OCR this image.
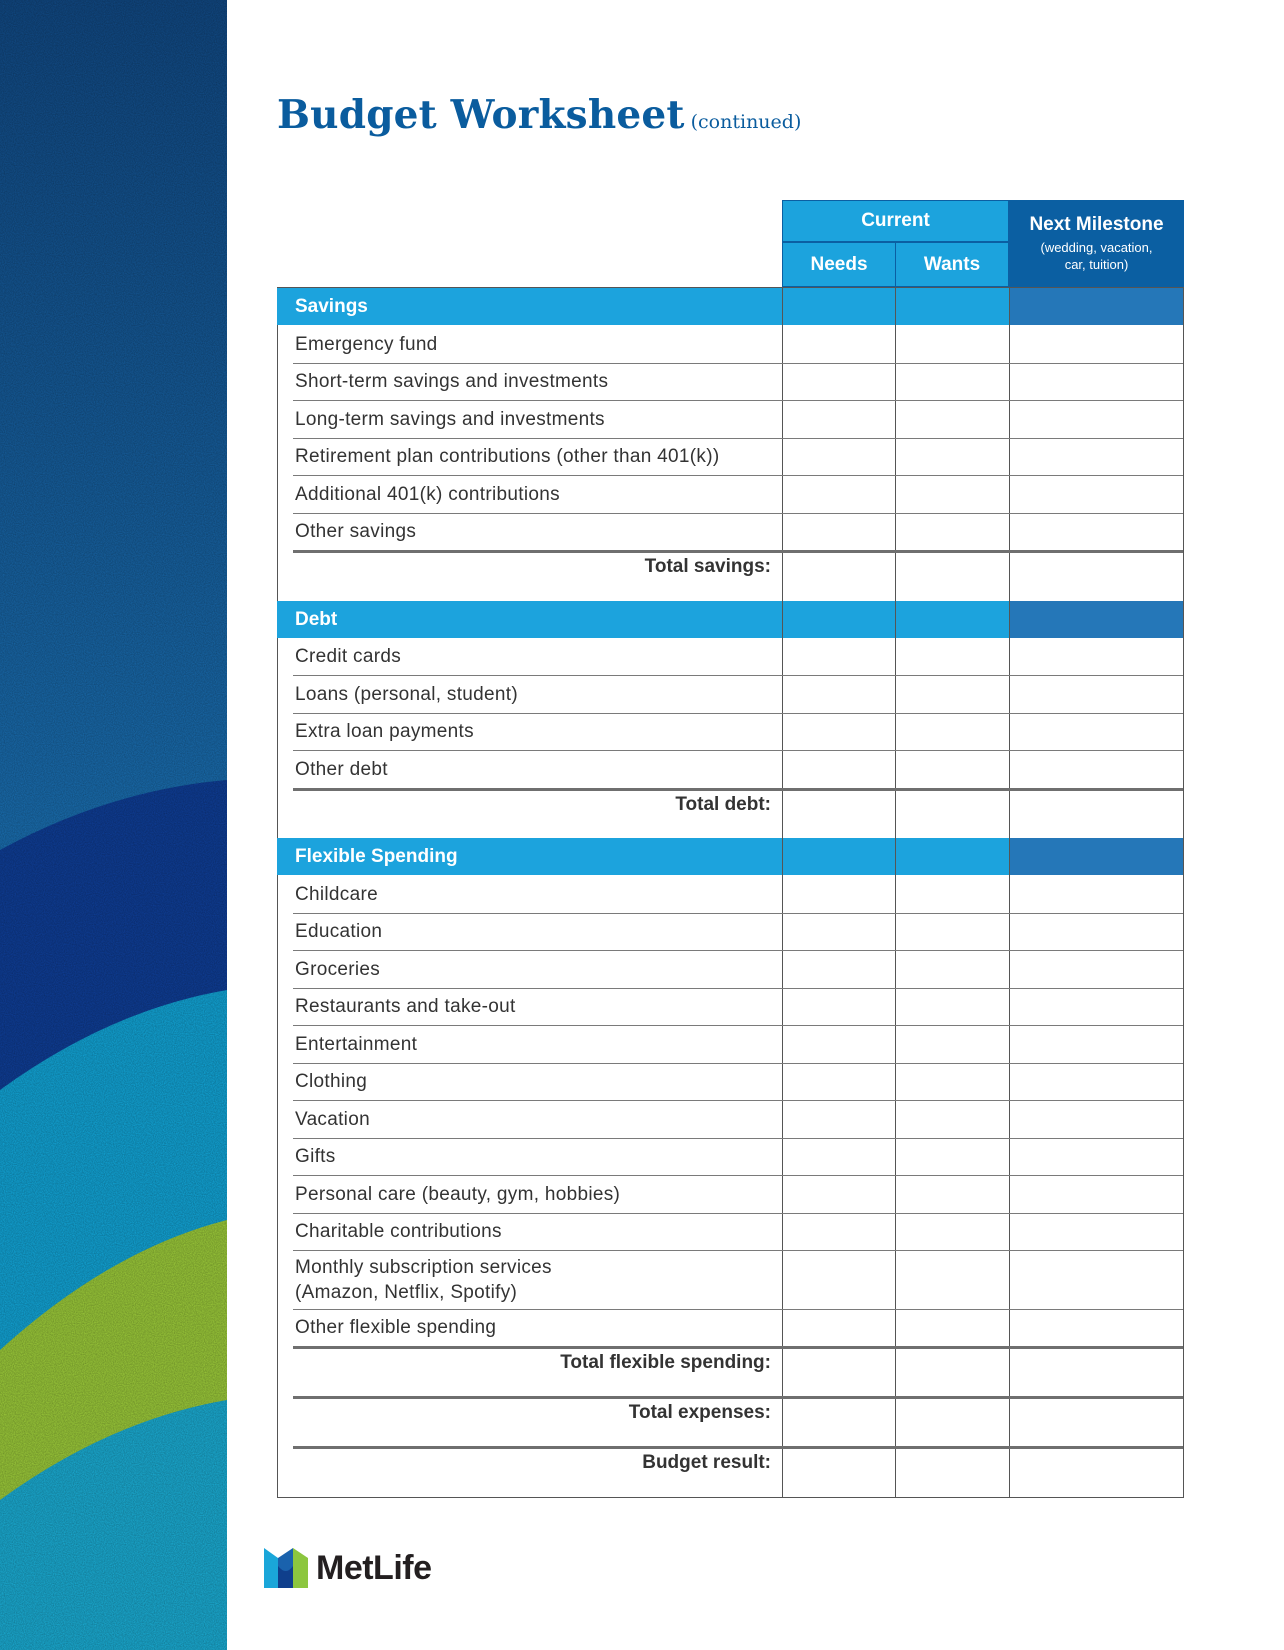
Budget Worksheet (continued)
Current
Needs	Wants
Next Milestone
(wedding, vacation,
car, tuition)
Savings
Debt
Flexible Spending
Emergency fund
Short-term savings and investments
Long-term savings and investments
Retirement plan contributions (other than 401(k))
Additional 401(k) contributions
Other savings
Total savings:
Credit cards
Loans (personal, student)
Extra loan payments
Other debt
Total debt:
Childcare
Education
Groceries
Restaurants and take-out
Entertainment
Clothing
Vacation
Gifts
Personal care (beauty, gym, hobbies)
Charitable contributions
Monthly subscription services
(Amazon, Netflix, Spotify)
Other flexible spending
Total flexible spending:
Total expenses:
Budget result:
MetLife
